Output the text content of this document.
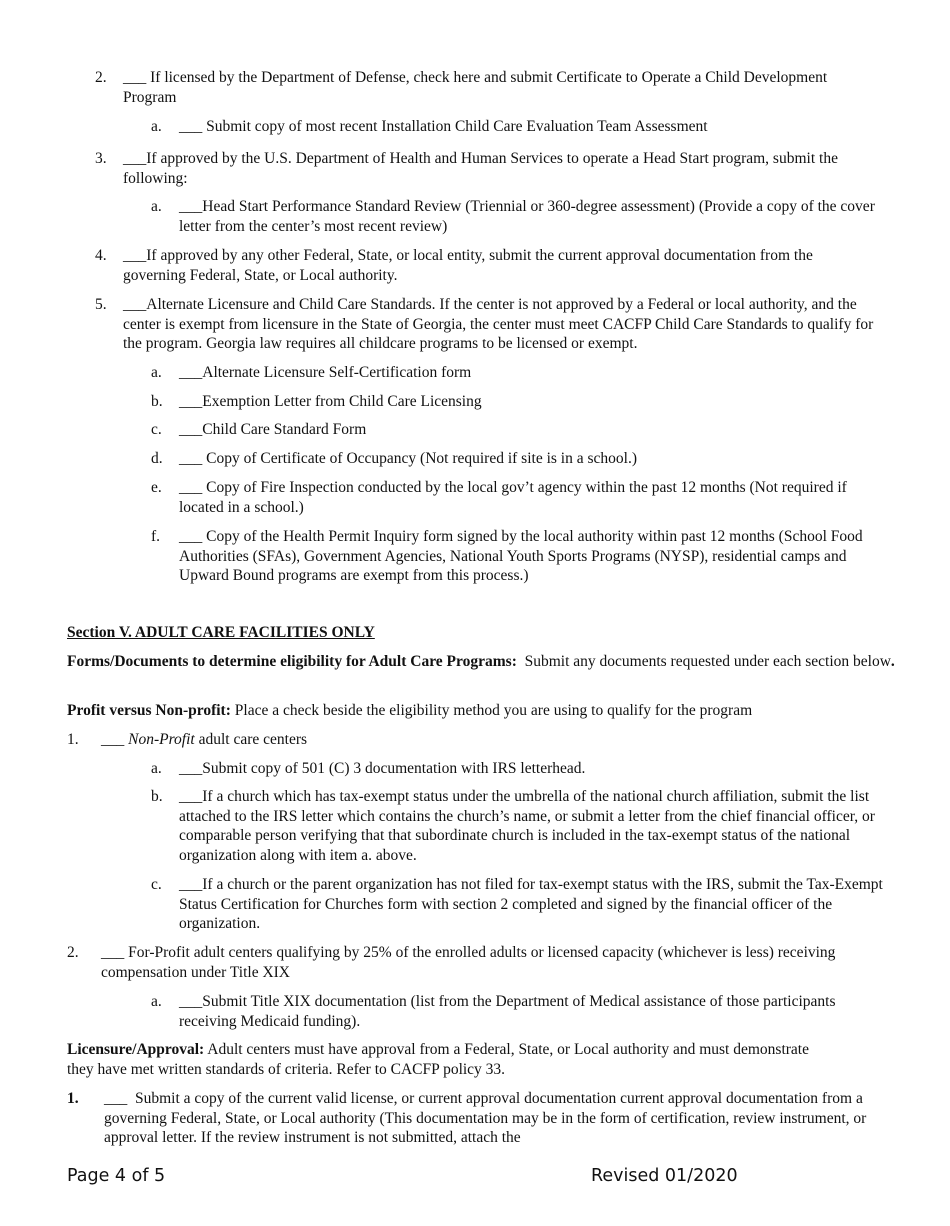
2. ___ If licensed by the Department of Defense, check here and submit Certificate to Operate a Child Development Program
a. ___ Submit copy of most recent Installation Child Care Evaluation Team Assessment
3. ___If approved by the U.S. Department of Health and Human Services to operate a Head Start program, submit the following:
a. ___Head Start Performance Standard Review (Triennial or 360-degree assessment) (Provide a copy of the cover letter from the center’s most recent review)
4. ___If approved by any other Federal, State, or local entity, submit the current approval documentation from the governing Federal, State, or Local authority.
5. ___Alternate Licensure and Child Care Standards. If the center is not approved by a Federal or local authority, and the center is exempt from licensure in the State of Georgia, the center must meet CACFP Child Care Standards to qualify for the program. Georgia law requires all childcare programs to be licensed or exempt.
a. ___Alternate Licensure Self-Certification form
b. ___Exemption Letter from Child Care Licensing
c. ___Child Care Standard Form
d. ___ Copy of Certificate of Occupancy (Not required if site is in a school.)
e. ___ Copy of Fire Inspection conducted by the local gov’t agency within the past 12 months (Not required if located in a school.)
f. ___ Copy of the Health Permit Inquiry form signed by the local authority within past 12 months (School Food Authorities (SFAs), Government Agencies, National Youth Sports Programs (NYSP), residential camps and Upward Bound programs are exempt from this process.)
Section V. ADULT CARE FACILITIES ONLY
Forms/Documents to determine eligibility for Adult Care Programs: Submit any documents requested under each section below.
Profit versus Non-profit: Place a check beside the eligibility method you are using to qualify for the program
1. ___ Non-Profit adult care centers
a. ___Submit copy of 501 (C) 3 documentation with IRS letterhead.
b. ___If a church which has tax-exempt status under the umbrella of the national church affiliation, submit the list attached to the IRS letter which contains the church’s name, or submit a letter from the chief financial officer, or comparable person verifying that that subordinate church is included in the tax-exempt status of the national organization along with item a. above.
c. ___If a church or the parent organization has not filed for tax-exempt status with the IRS, submit the Tax-Exempt Status Certification for Churches form with section 2 completed and signed by the financial officer of the organization.
2. ___ For-Profit adult centers qualifying by 25% of the enrolled adults or licensed capacity (whichever is less) receiving compensation under Title XIX
a. ___Submit Title XIX documentation (list from the Department of Medical assistance of those participants receiving Medicaid funding).
Licensure/Approval: Adult centers must have approval from a Federal, State, or Local authority and must demonstrate they have met written standards of criteria. Refer to CACFP policy 33.
1. ___ Submit a copy of the current valid license, or current approval documentation current approval documentation from a governing Federal, State, or Local authority (This documentation may be in the form of certification, review instrument, or approval letter. If the review instrument is not submitted, attach the
Page 4 of 5	Revised 01/2020
